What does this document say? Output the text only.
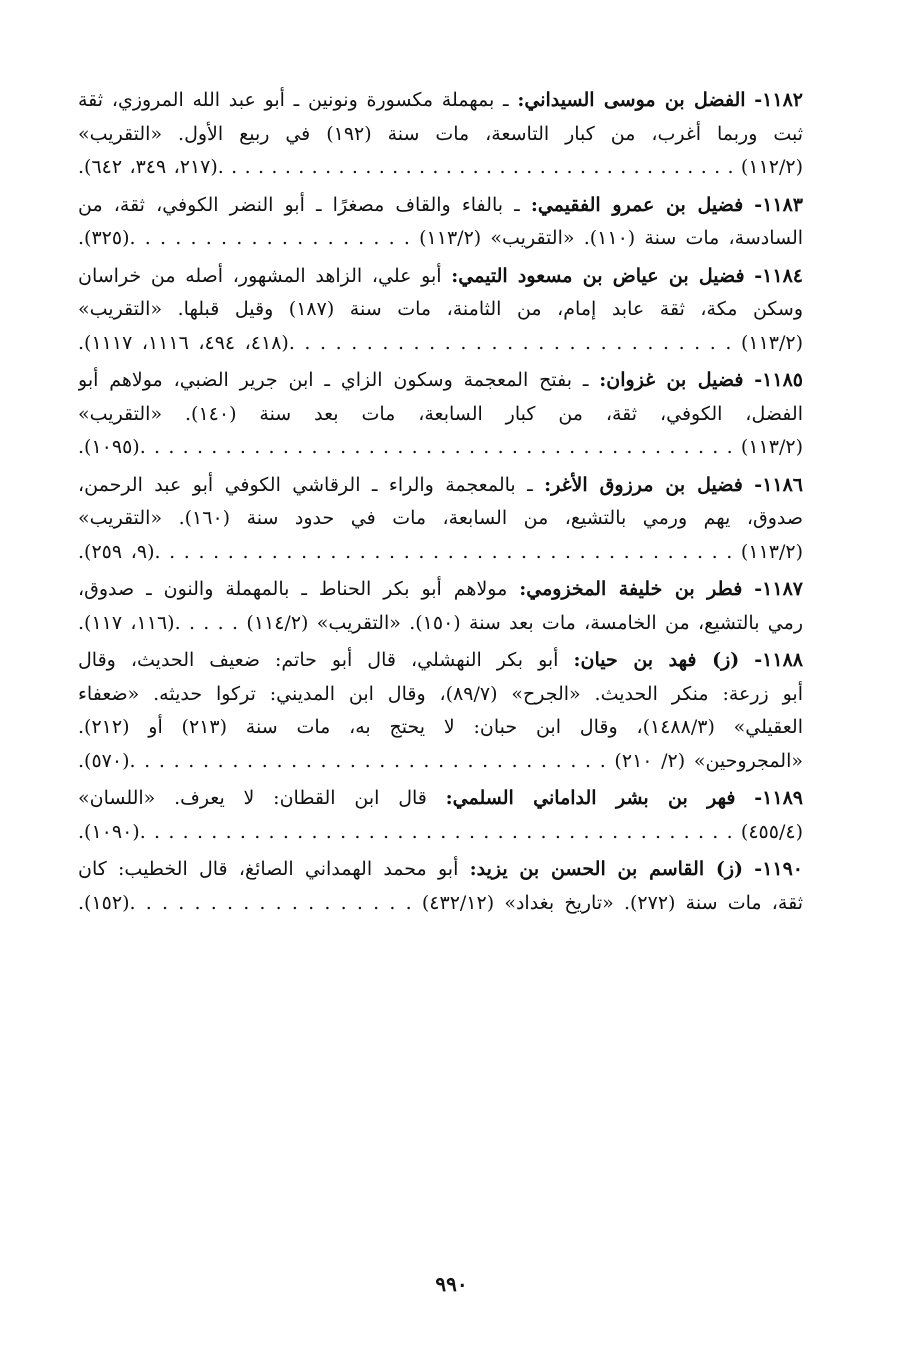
١١٨٢- الفضل بن موسى السيداني: ـ بمهملة مكسورة ونونين ـ أبو عبد الله المروزي، ثقة
ثبت وربما أغرب، من كبار التاسعة، مات سنة (١٩٢) في ربيع الأول. «التقريب»
(١١٢/٢) . . . . . . . . . . . . . . . . . . . . . . . . . . . . . . . . . . . . . . .(٢١٧، ٣٤٩، ٦٤٢).
١١٨٣- فضيل بن عمرو الفقيمي: ـ بالفاء والقاف مصغرًا ـ أبو النضر الكوفي، ثقة، من
السادسة، مات سنة (١١٠). «التقريب» (١١٣/٢) . . . . . . . . . . . . . . . . . . .(٣٢٥).
١١٨٤- فضيل بن عياض بن مسعود التيمي: أبو علي، الزاهد المشهور، أصله من خراسان
وسكن مكة، ثقة عابد إمام، من الثامنة، مات سنة (١٨٧) وقيل قبلها. «التقريب»
(١١٣/٢) . . . . . . . . . . . . . . . . . . . . . . . . . . . . .(٤١٨، ٤٩٤، ١١١٦، ١١١٧).
١١٨٥- فضيل بن غزوان: ـ بفتح المعجمة وسكون الزاي ـ ابن جرير الضبي، مولاهم أبو
الفضل، الكوفي، ثقة، من كبار السابعة، مات بعد سنة (١٤٠). «التقريب»
(١١٣/٢) . . . . . . . . . . . . . . . . . . . . . . . . . . . . . . . . . . . . . . . . . .(١٠٩٥).
١١٨٦- فضيل بن مرزوق الأغر: ـ بالمعجمة والراء ـ الرقاشي الكوفي أبو عبد الرحمن،
صدوق، يهم ورمي بالتشيع، من السابعة، مات في حدود سنة (١٦٠). «التقريب»
(١١٣/٢) . . . . . . . . . . . . . . . . . . . . . . . . . . . . . . . . . . . . . . . .(٩، ٢٥٩).
١١٨٧- فطر بن خليفة المخزومي: مولاهم أبو بكر الحناط ـ بالمهملة والنون ـ صدوق،
رمي بالتشيع، من الخامسة، مات بعد سنة (١٥٠). «التقريب» (١١٤/٢) . . . . .(١١٦، ١١٧).
١١٨٨- (ز) فهد بن حيان: أبو بكر النهشلي، قال أبو حاتم: ضعيف الحديث، وقال
أبو زرعة: منكر الحديث. «الجرح» (٨٩/٧)، وقال ابن المديني: تركوا حديثه. «ضعفاء
العقيلي» (١٤٨٨/٣)، وقال ابن حبان: لا يحتج به، مات سنة (٢١٣) أو (٢١٢).
«المجروحين» (٢/ ٢١٠) . . . . . . . . . . . . . . . . . . . . . . . . . . . . . . . . .(٥٧٠).
١١٨٩- فهر بن بشر الداماني السلمي: قال ابن القطان: لا يعرف. «اللسان»
(٤٥٥/٤) . . . . . . . . . . . . . . . . . . . . . . . . . . . . . . . . . . . . . . . . . .(١٠٩٠).
١١٩٠- (ز) القاسم بن الحسن بن يزيد: أبو محمد الهمداني الصائغ، قال الخطيب: كان
ثقة، مات سنة (٢٧٢). «تاريخ بغداد» (٤٣٢/١٢) . . . . . . . . . . . . . . . . . .(١٥٢).
٩٩٠
